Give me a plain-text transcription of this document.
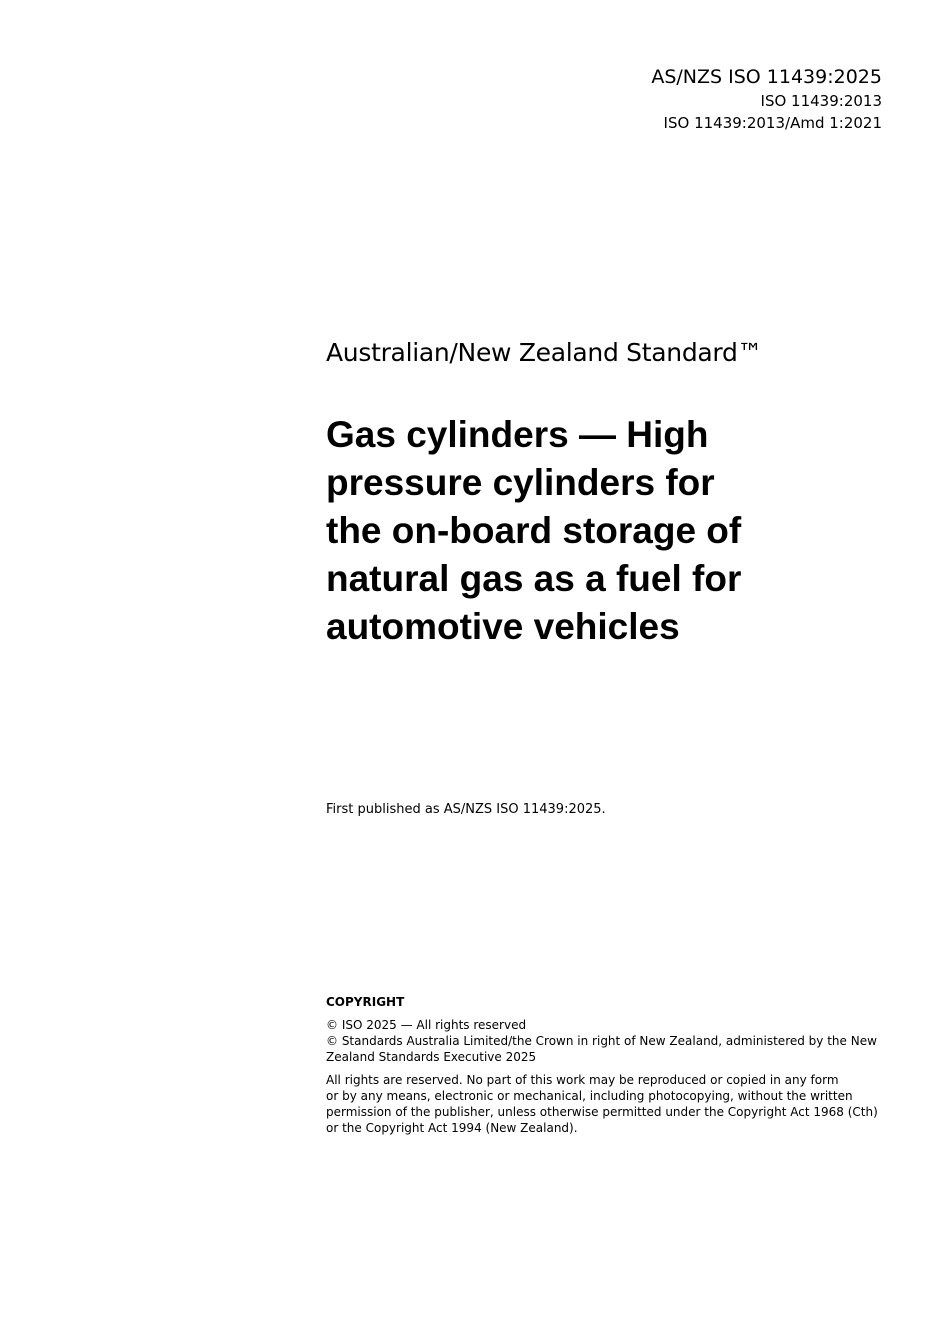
AS/NZS ISO 11439:2025
ISO 11439:2013
ISO 11439:2013/Amd 1:2021
Australian/New Zealand Standard™
Gas cylinders — High
pressure cylinders for
the on-board storage of
natural gas as a fuel for
automotive vehicles
First published as AS/NZS ISO 11439:2025.
COPYRIGHT
© ISO 2025 — All rights reserved
© Standards Australia Limited/the Crown in right of New Zealand, administered by the New
Zealand Standards Executive 2025
All rights are reserved. No part of this work may be reproduced or copied in any form
or by any means, electronic or mechanical, including photocopying, without the written
permission of the publisher, unless otherwise permitted under the Copyright Act 1968 (Cth)
or the Copyright Act 1994 (New Zealand).
